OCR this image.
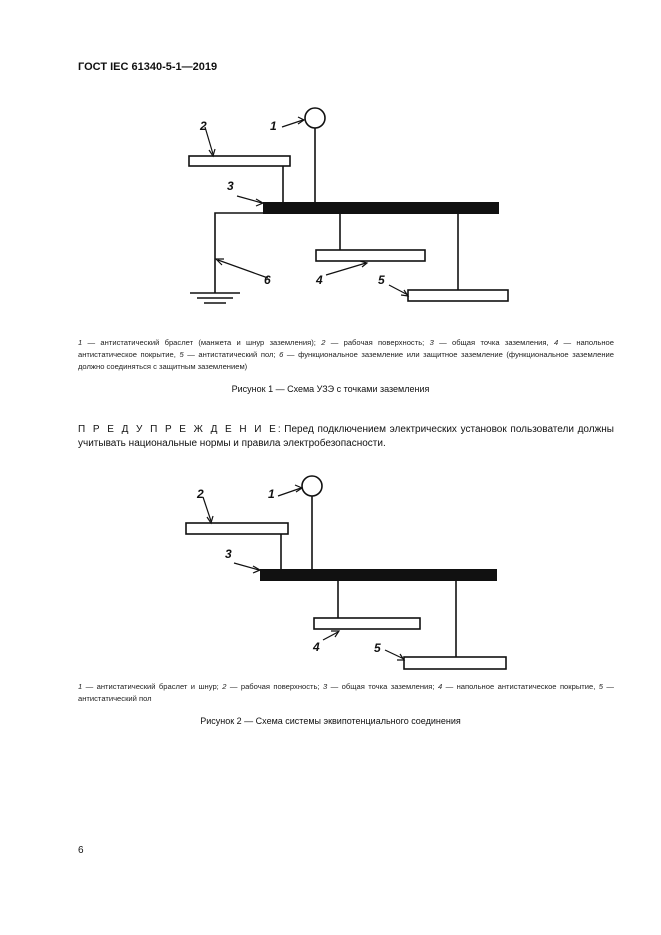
ГОСТ IEC 61340-5-1—2019
1
2
3
4	5
6
1 — антистатический браслет (манжета и шнур заземления); 2 — рабочая поверхность; 3 — общая точка заземления, 4 — напольное антистатическое покрытие, 5 — антистатический пол; 6 — функциональное заземление или защитное заземление (функциональное заземление должно соединяться с защитным заземлением)
Рисунок 1 — Схема УЗЭ с точками заземления
П Р Е Д У П Р Е Ж Д Е Н И Е: Перед подключением электрических установок пользователи должны учитывать национальные нормы и правила электробезопасности.
1
2
3
4	5
1 — антистатический браслет и шнур; 2 — рабочая поверхность; 3 — общая точка заземления; 4 — напольное антистатическое покрытие, 5 — антистатический пол
Рисунок 2 — Схема системы эквипотенциального соединения
6
